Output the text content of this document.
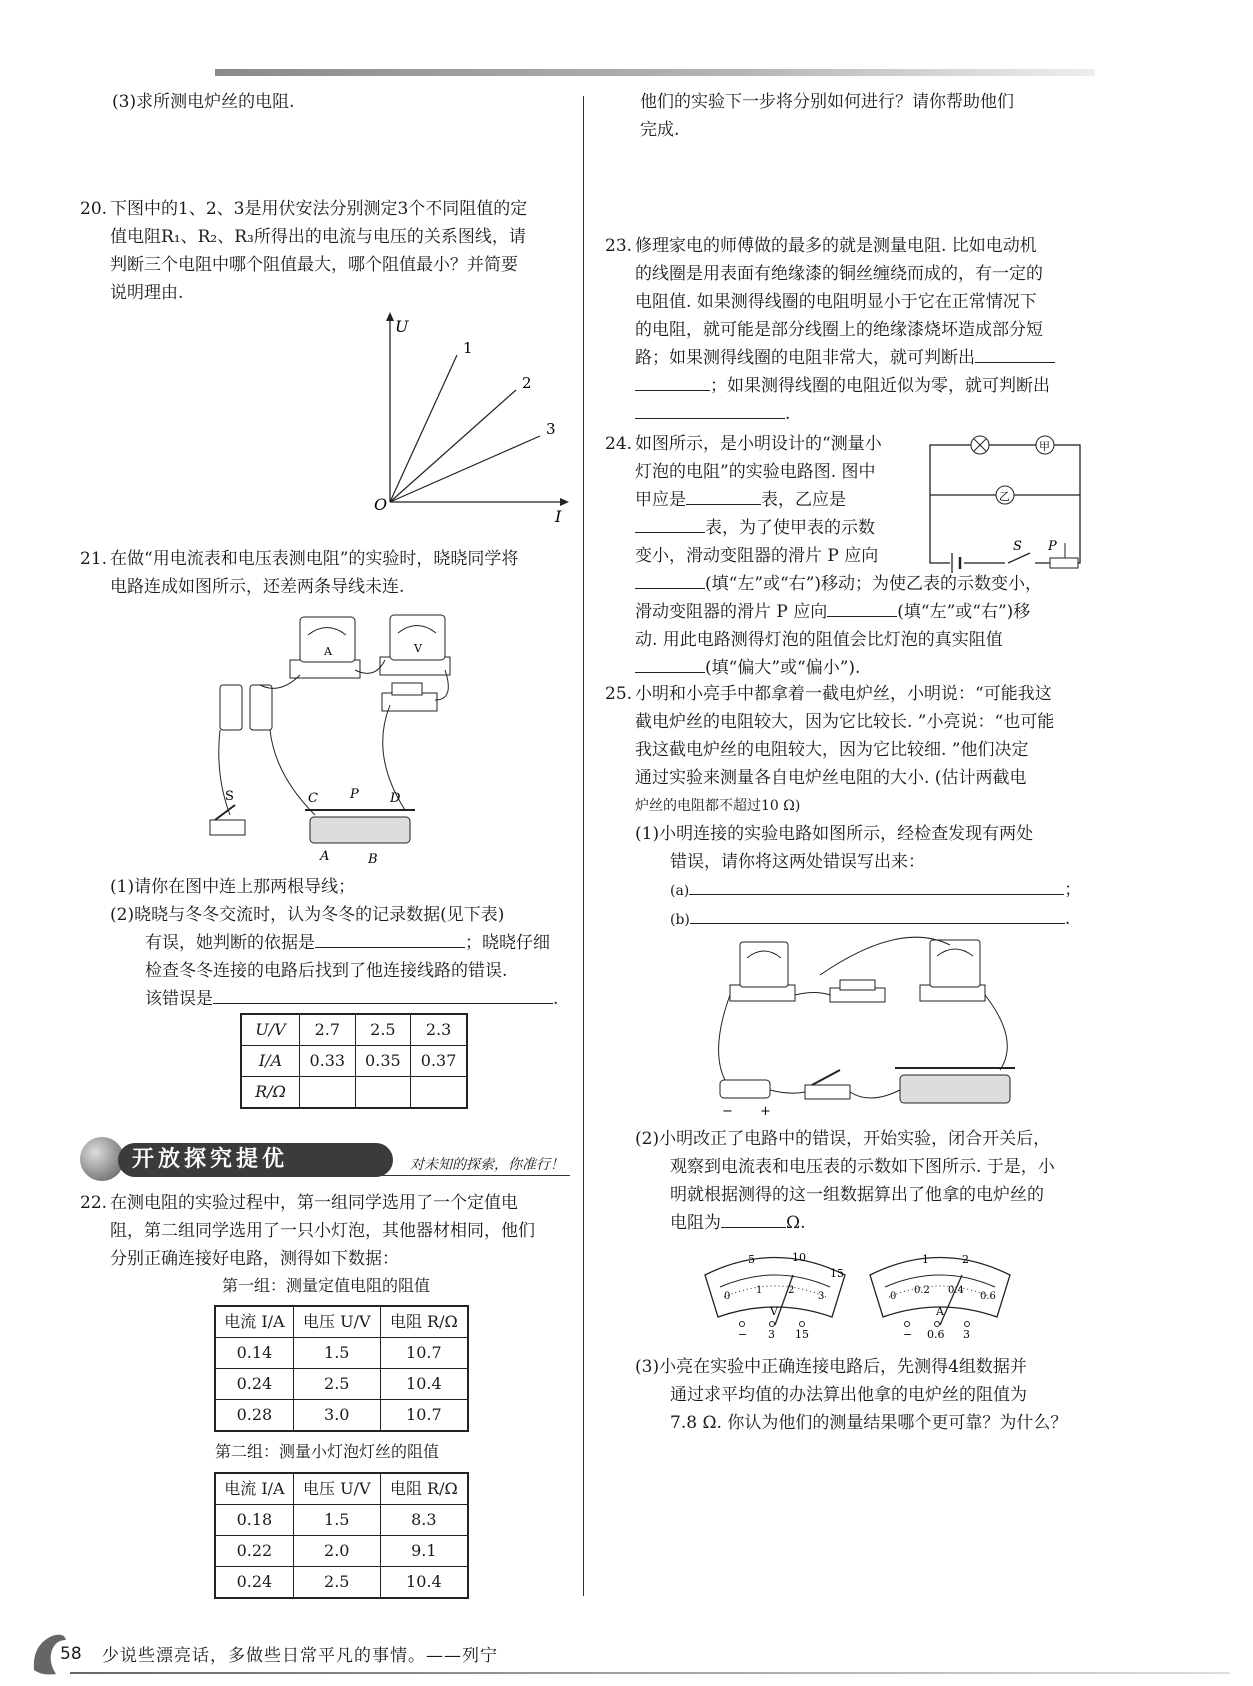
(3)求所测电炉丝的电阻.
20. 下图中的1、2、3是用伏安法分别测定3个不同阻值的定
值电阻R₁、R₂、R₃所得出的电流与电压的关系图线，请
判断三个电阻中哪个阻值最大，哪个阻值最小？并简要
说明理由.
U
I
O
1
2
3
21. 在做“用电流表和电压表测电阻”的实验时，晓晓同学将
电路连成如图所示，还差两条导线未连.
A	V
S	C P D
A	B
(1)请你在图中连上那两根导线；
(2)晓晓与冬冬交流时，认为冬冬的记录数据(见下表)
有误，她判断的依据是	；晓晓仔细
检查冬冬连接的电路后找到了他连接线路的错误.
该错误是	.
U/V	2.7	2.5	2.3
I/A	0.33	0.35	0.37
R/Ω			
开放探究提优	对未知的探索，你准行！
22. 在测电阻的实验过程中，第一组同学选用了一个定值电
阻，第二组同学选用了一只小灯泡，其他器材相同，他们
分别正确连接好电路，测得如下数据：
第一组：测量定值电阻的阻值
电流 I/A	电压 U/V	电阻 R/Ω
0.14	1.5	10.7
0.24	2.5	10.4
0.28	3.0	10.7
第二组：测量小灯泡灯丝的阻值
电流 I/A	电压 U/V	电阻 R/Ω
0.18	1.5	8.3
0.22	2.0	9.1
0.24	2.5	10.4
他们的实验下一步将分别如何进行？请你帮助他们
完成.
23. 修理家电的师傅做的最多的就是测量电阻. 比如电动机
的线圈是用表面有绝缘漆的铜丝缠绕而成的，有一定的
电阻值. 如果测得线圈的电阻明显小于它在正常情况下
的电阻，就可能是部分线圈上的绝缘漆烧坏造成部分短
路；如果测得线圈的电阻非常大，就可判断出
；如果测得线圈的电阻近似为零，就可判断出
.
24. 如图所示，是小明设计的“测量小
灯泡的电阻”的实验电路图. 图中
甲应是	表，乙应是
表，为了使甲表的示数
变小，滑动变阻器的滑片 P 应向
(填“左”或“右”)移动；为使乙表的示数变小，
滑动变阻器的滑片 P 应向	(填“左”或“右”)移
动. 用此电路测得灯泡的阻值会比灯泡的真实阻值
(填“偏大”或“偏小”).
甲
乙
S P
25. 小明和小亮手中都拿着一截电炉丝，小明说：“可能我这
截电炉丝的电阻较大，因为它比较长. ”小亮说：“也可能
我这截电炉丝的电阻较大，因为它比较细. ”他们决定
通过实验来测量各自电炉丝电阻的大小. (估计两截电
炉丝的电阻都不超过10 Ω)
(1)小明连接的实验电路如图所示，经检查发现有两处
错误，请你将这两处错误写出来：
(a)	；
(b)	.
− +
(2)小明改正了电路中的错误，开始实验，闭合开关后，
观察到电流表和电压表的示数如下图所示. 于是，小
明就根据测得的这一组数据算出了他拿的电炉丝的
电阻为	Ω.
5	10
15
0
1	2
3
V
− 3 15
1	2
0
0.2 0.4
0.6
A
− 0.6 3
(3)小亮在实验中正确连接电路后，先测得4组数据并
通过求平均值的办法算出他拿的电炉丝的阻值为
7.8 Ω. 你认为他们的测量结果哪个更可靠？为什么？
58 少说些漂亮话，多做些日常平凡的事情。——列宁
